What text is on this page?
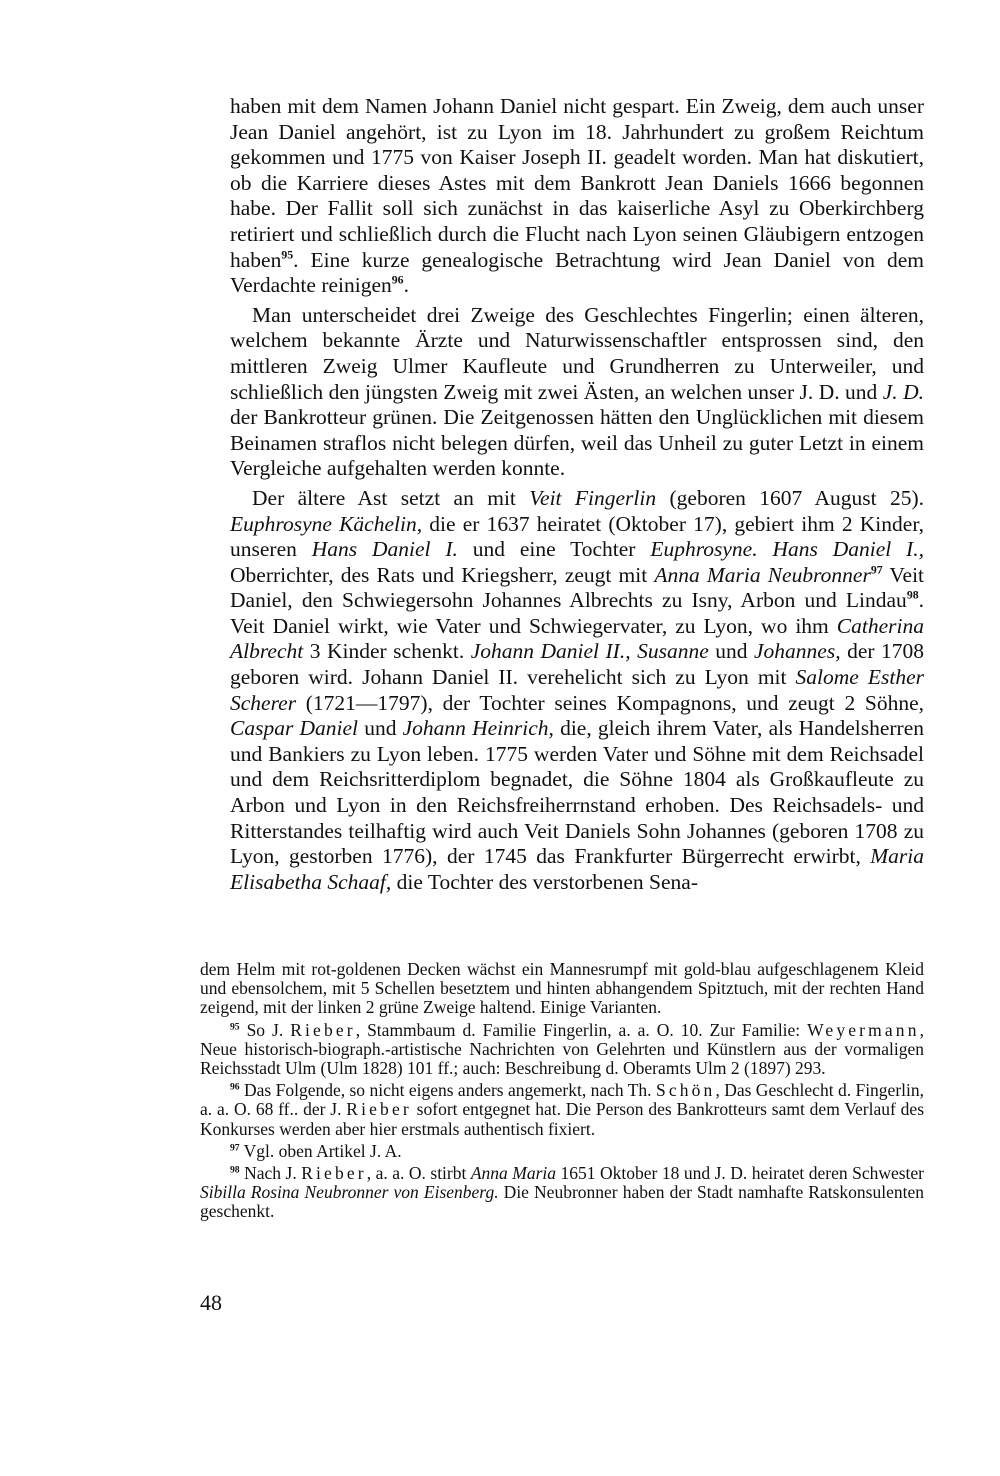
haben mit dem Namen Johann Daniel nicht gespart. Ein Zweig, dem auch unser Jean Daniel angehört, ist zu Lyon im 18. Jahrhundert zu großem Reichtum gekommen und 1775 von Kaiser Joseph II. geadelt worden. Man hat diskutiert, ob die Karriere dieses Astes mit dem Bankrott Jean Daniels 1666 begonnen habe. Der Fallit soll sich zunächst in das kaiserliche Asyl zu Oberkirchberg retiriert und schließlich durch die Flucht nach Lyon seinen Gläubigern entzogen haben$^{95}$. Eine kurze genealogische Betrachtung wird Jean Daniel von dem Verdachte reinigen$^{96}$.

Man unterscheidet drei Zweige des Geschlechtes Fingerlin; einen älteren, welchem bekannte Ärzte und Naturwissenschaftler entsprossen sind, den mittleren Zweig Ulmer Kaufleute und Grundherren zu Unterweiler, und schließlich den jüngsten Zweig mit zwei Ästen, an welchen unser J. D. und J. D. der Bankrotteur grünen. Die Zeitgenossen hätten den Unglücklichen mit diesem Beinamen straflos nicht belegen dürfen, weil das Unheil zu guter Letzt in einem Vergleiche aufgehalten werden konnte.

Der ältere Ast setzt an mit Veit Fingerlin (geboren 1607 August 25). Euphrosyne Kächelin, die er 1637 heiratet (Oktober 17), gebiert ihm 2 Kinder, unseren Hans Daniel I. und eine Tochter Euphrosyne. Hans Daniel I., Oberrichter, des Rats und Kriegsherr, zeugt mit Anna Maria Neubronner$^{97}$ Veit Daniel, den Schwiegersohn Johannes Albrechts zu Isny, Arbon und Lindau$^{98}$. Veit Daniel wirkt, wie Vater und Schwiegervater, zu Lyon, wo ihm Catherina Albrecht 3 Kinder schenkt. Johann Daniel II., Susanne und Johannes, der 1708 geboren wird. Johann Daniel II. verehelicht sich zu Lyon mit Salome Esther Scherer (1721—1797), der Tochter seines Kompagnons, und zeugt 2 Söhne, Caspar Daniel und Johann Heinrich, die, gleich ihrem Vater, als Handelsherren und Bankiers zu Lyon leben. 1775 werden Vater und Söhne mit dem Reichsadel und dem Reichsritterdiplom begnadet, die Söhne 1804 als Großkaufleute zu Arbon und Lyon in den Reichsfreiherrnstand erhoben. Des Reichsadels- und Ritterstandes teilhaftig wird auch Veit Daniels Sohn Johannes (geboren 1708 zu Lyon, gestorben 1776), der 1745 das Frankfurter Bürgerrecht erwirbt, Maria Elisabetha Schaaf, die Tochter des verstorbenen Sena-

dem Helm mit rot-goldenen Decken wächst ein Mannesrumpf mit gold-blau aufgeschlagenem Kleid und ebensolchem, mit 5 Schellen besetztem und hinten abhangendem Spitztuch, mit der rechten Hand zeigend, mit der linken 2 grüne Zweige haltend. Einige Varianten.

$^{95}$ So J. Rieber, Stammbaum d. Familie Fingerlin, a. a. O. 10. Zur Familie: Weyermann, Neue historisch-biograph.-artistische Nachrichten von Gelehrten und Künstlern aus der vormaligen Reichsstadt Ulm (Ulm 1828) 101 ff.; auch: Beschreibung d. Oberamts Ulm 2 (1897) 293.

$^{96}$ Das Folgende, so nicht eigens anders angemerkt, nach Th. Schön, Das Geschlecht d. Fingerlin, a. a. O. 68 ff.. der J. Rieber sofort entgegnet hat. Die Person des Bankrotteurs samt dem Verlauf des Konkurses werden aber hier erstmals authentisch fixiert.

$^{97}$ Vgl. oben Artikel J. A.

$^{98}$ Nach J. Rieber, a. a. O. stirbt Anna Maria 1651 Oktober 18 und J. D. heiratet deren Schwester Sibilla Rosina Neubronner von Eisenberg. Die Neubronner haben der Stadt namhafte Ratskonsulenten geschenkt.

48
